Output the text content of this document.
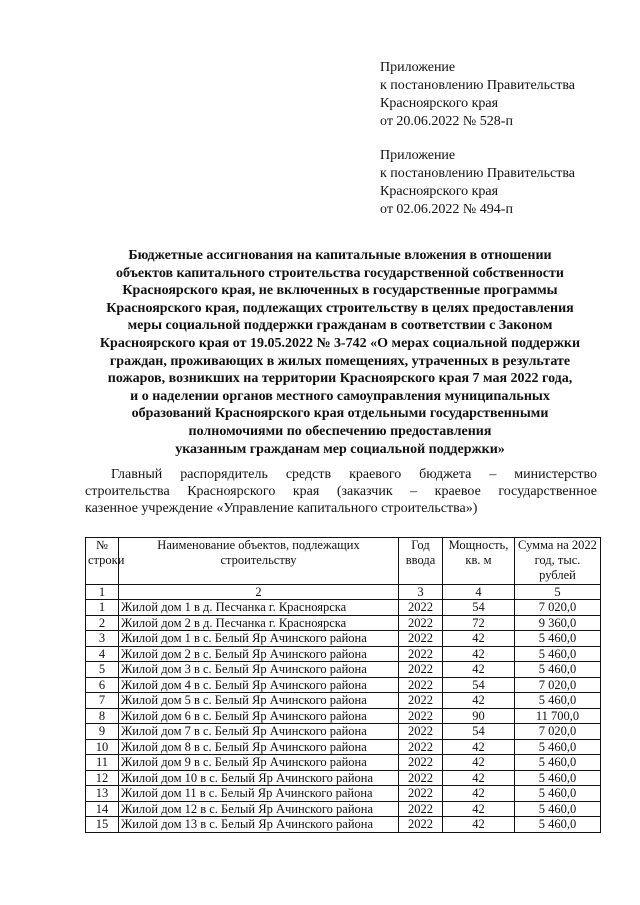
Приложение
к постановлению Правительства
Красноярского края
от 20.06.2022 № 528-п
Приложение
к постановлению Правительства
Красноярского края
от 02.06.2022 № 494-п
Бюджетные ассигнования на капитальные вложения в отношении
объектов капитального строительства государственной собственности
Красноярского края, не включенных в государственные программы
Красноярского края, подлежащих строительству в целях предоставления
меры социальной поддержки гражданам в соответствии с Законом
Красноярского края от 19.05.2022 № 3-742 «О мерах социальной поддержки
граждан, проживающих в жилых помещениях, утраченных в результате
пожаров, возникших на территории Красноярского края 7 мая 2022 года,
и о наделении органов местного самоуправления муниципальных
образований Красноярского края отдельными государственными
полномочиями по обеспечению предоставления
указанным гражданам мер социальной поддержки»
Главный распорядитель средств краевого бюджета – министерство
строительства Красноярского края (заказчик – краевое государственное
казенное учреждение «Управление капитального строительства»)
№ строки	Наименование объектов, подлежащих строительству	Год ввода	Мощность, кв. м	Сумма на 2022 год, тыс. рублей
1	2	3	4	5
1	Жилой дом 1 в д. Песчанка г. Красноярска	2022	54	7 020,0
2	Жилой дом 2 в д. Песчанка г. Красноярска	2022	72	9 360,0
3	Жилой дом 1 в с. Белый Яр Ачинского района	2022	42	5 460,0
4	Жилой дом 2 в с. Белый Яр Ачинского района	2022	42	5 460,0
5	Жилой дом 3 в с. Белый Яр Ачинского района	2022	42	5 460,0
6	Жилой дом 4 в с. Белый Яр Ачинского района	2022	54	7 020,0
7	Жилой дом 5 в с. Белый Яр Ачинского района	2022	42	5 460,0
8	Жилой дом 6 в с. Белый Яр Ачинского района	2022	90	11 700,0
9	Жилой дом 7 в с. Белый Яр Ачинского района	2022	54	7 020,0
10	Жилой дом 8 в с. Белый Яр Ачинского района	2022	42	5 460,0
11	Жилой дом 9 в с. Белый Яр Ачинского района	2022	42	5 460,0
12	Жилой дом 10 в с. Белый Яр Ачинского района	2022	42	5 460,0
13	Жилой дом 11 в с. Белый Яр Ачинского района	2022	42	5 460,0
14	Жилой дом 12 в с. Белый Яр Ачинского района	2022	42	5 460,0
15	Жилой дом 13 в с. Белый Яр Ачинского района	2022	42	5 460,0
